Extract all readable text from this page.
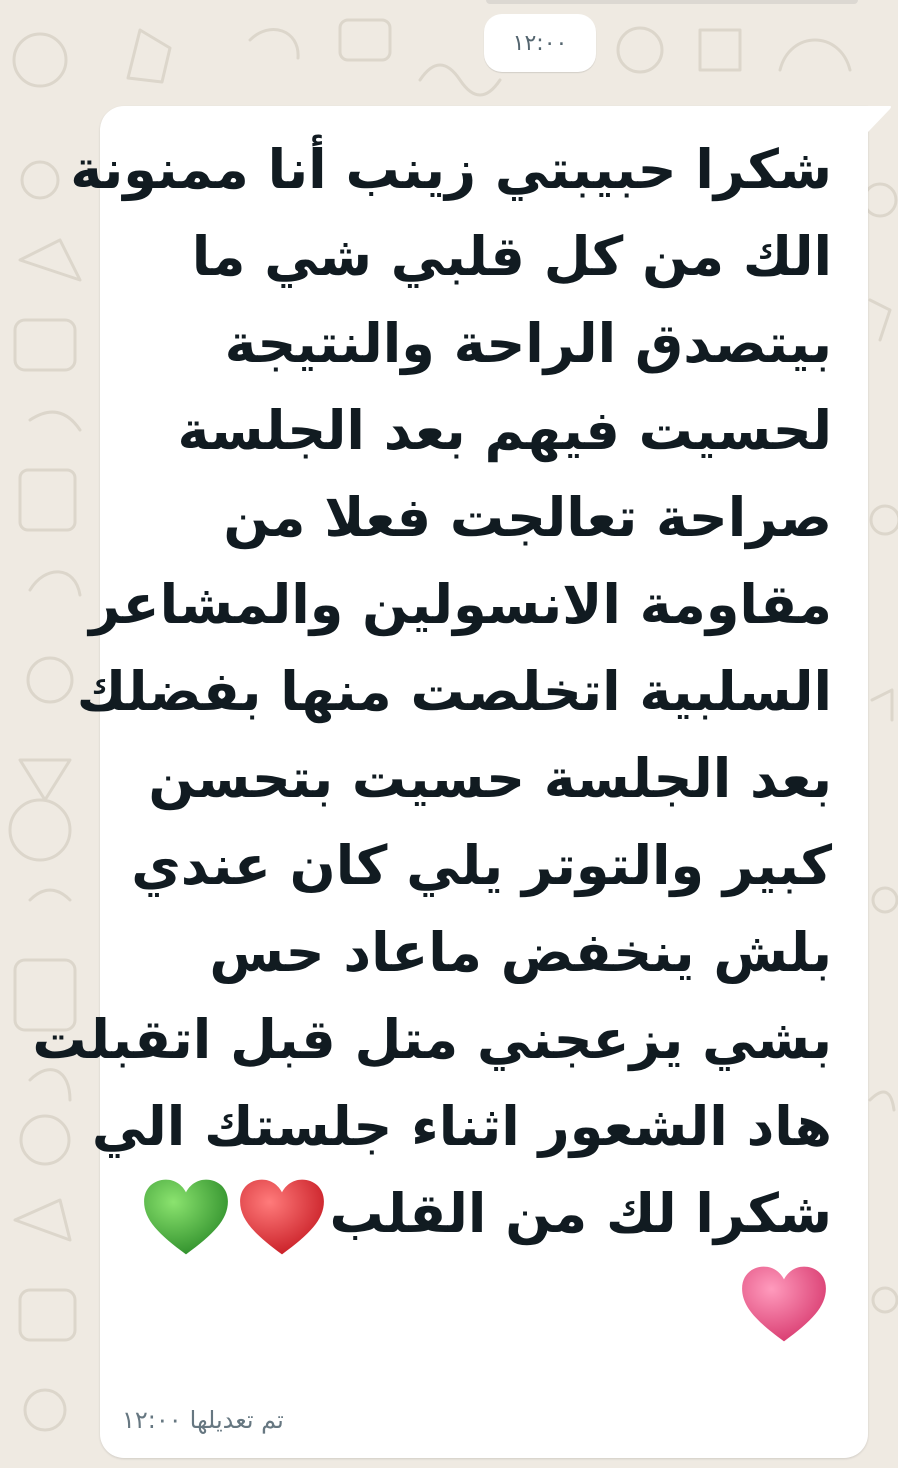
١٢:٠٠
شكرا حبيبتي زينب أنا ممنونة
الك من كل قلبي شي ما
بيتصدق الراحة والنتيجة
لحسيت فيهم بعد الجلسة
صراحة تعالجت فعلا من
مقاومة الانسولين والمشاعر
السلبية اتخلصت منها بفضلك
بعد الجلسة حسيت بتحسن
كبير والتوتر يلي كان عندي
بلش ينخفض ماعاد حس
بشي يزعجني متل قبل اتقبلت
هاد الشعور اثناء جلستك الي
شكرا لك من القلب
تم تعديلها
١٢:٠٠
